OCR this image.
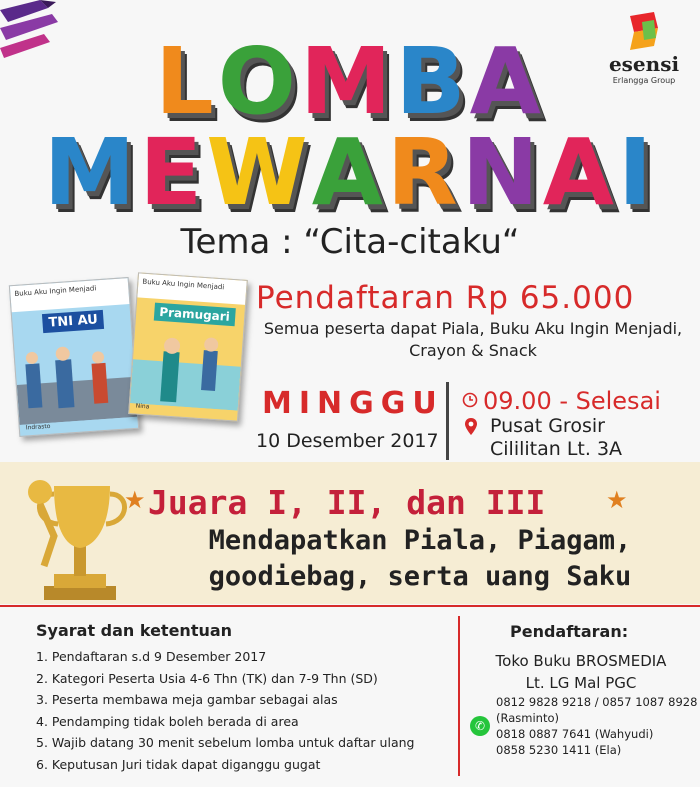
esensi
Erlangga Group
LOMBA
MEWARNAI
Tema : “Cita-citaku“
Buku Aku Ingin Menjadi
TNI AU
Indrasto
Buku Aku Ingin Menjadi
Pramugari
Nina
Pendaftaran Rp 65.000
Semua peserta dapat Piala, Buku Aku Ingin Menjadi,
Crayon & Snack
MINGGU
10 Desember 2017
09.00 - Selesai
Pusat Grosir
Cililitan Lt. 3A
★ Juara I, II, dan III	★
Mendapatkan Piala, Piagam,
goodiebag, serta uang Saku
Syarat dan ketentuan
1. Pendaftaran s.d 9 Desember 2017
2. Kategori Peserta Usia 4-6 Thn (TK) dan 7-9 Thn (SD)
3. Peserta membawa meja gambar sebagai alas
4. Pendamping tidak boleh berada di area
5. Wajib datang 30 menit sebelum lomba untuk daftar ulang
6. Keputusan Juri tidak dapat diganggu gugat
Pendaftaran:
Toko Buku BROSMEDIA
Lt. LG Mal PGC
✆
0812 9828 9218 / 0857 1087 8928
(Rasminto)
0818 0887 7641 (Wahyudi)
0858 5230 1411 (Ela)
